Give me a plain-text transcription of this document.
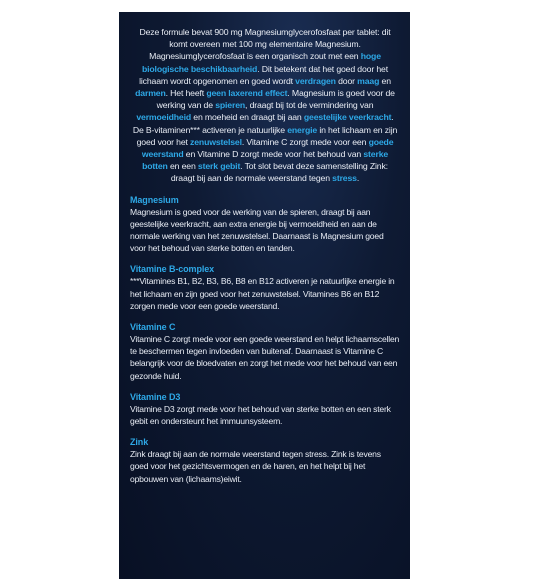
Deze formule bevat 900 mg Magnesiumglycerofosfaat per tablet: dit komt overeen met 100 mg elementaire Magnesium. Magnesiumglycerofosfaat is een organisch zout met een hoge biologische beschikbaarheid. Dit betekent dat het goed door het lichaam wordt opgenomen en goed wordt verdragen door maag en darmen. Het heeft geen laxerend effect. Magnesium is goed voor de werking van de spieren, draagt bij tot de vermindering van vermoeidheid en moeheid en draagt bij aan geestelijke veerkracht. De B-vitaminen*** activeren je natuurlijke energie in het lichaam en zijn goed voor het zenuwstelsel. Vitamine C zorgt mede voor een goede weerstand en Vitamine D zorgt mede voor het behoud van sterke botten en een sterk gebit. Tot slot bevat deze samenstelling Zink: draagt bij aan de normale weerstand tegen stress.

Magnesium

Magnesium is goed voor de werking van de spieren, draagt bij aan geestelijke veerkracht, aan extra energie bij vermoeidheid en aan de normale werking van het zenuwstelsel. Daarnaast is Magnesium goed voor het behoud van sterke botten en tanden.

Vitamine B-complex

***Vitamines B1, B2, B3, B6, B8 en B12 activeren je natuurlijke energie in het lichaam en zijn goed voor het zenuwstelsel. Vitamines B6 en B12 zorgen mede voor een goede weerstand.

Vitamine C

Vitamine C zorgt mede voor een goede weerstand en helpt lichaamscellen te beschermen tegen invloeden van buitenaf. Daarnaast is Vitamine C belangrijk voor de bloedvaten en zorgt het mede voor het behoud van een gezonde huid.

Vitamine D3

Vitamine D3 zorgt mede voor het behoud van sterke botten en een sterk gebit en ondersteunt het immuunsysteem.

Zink

Zink draagt bij aan de normale weerstand tegen stress. Zink is tevens goed voor het gezichtsvermogen en de haren, en het helpt bij het opbouwen van (lichaams)eiwit.
